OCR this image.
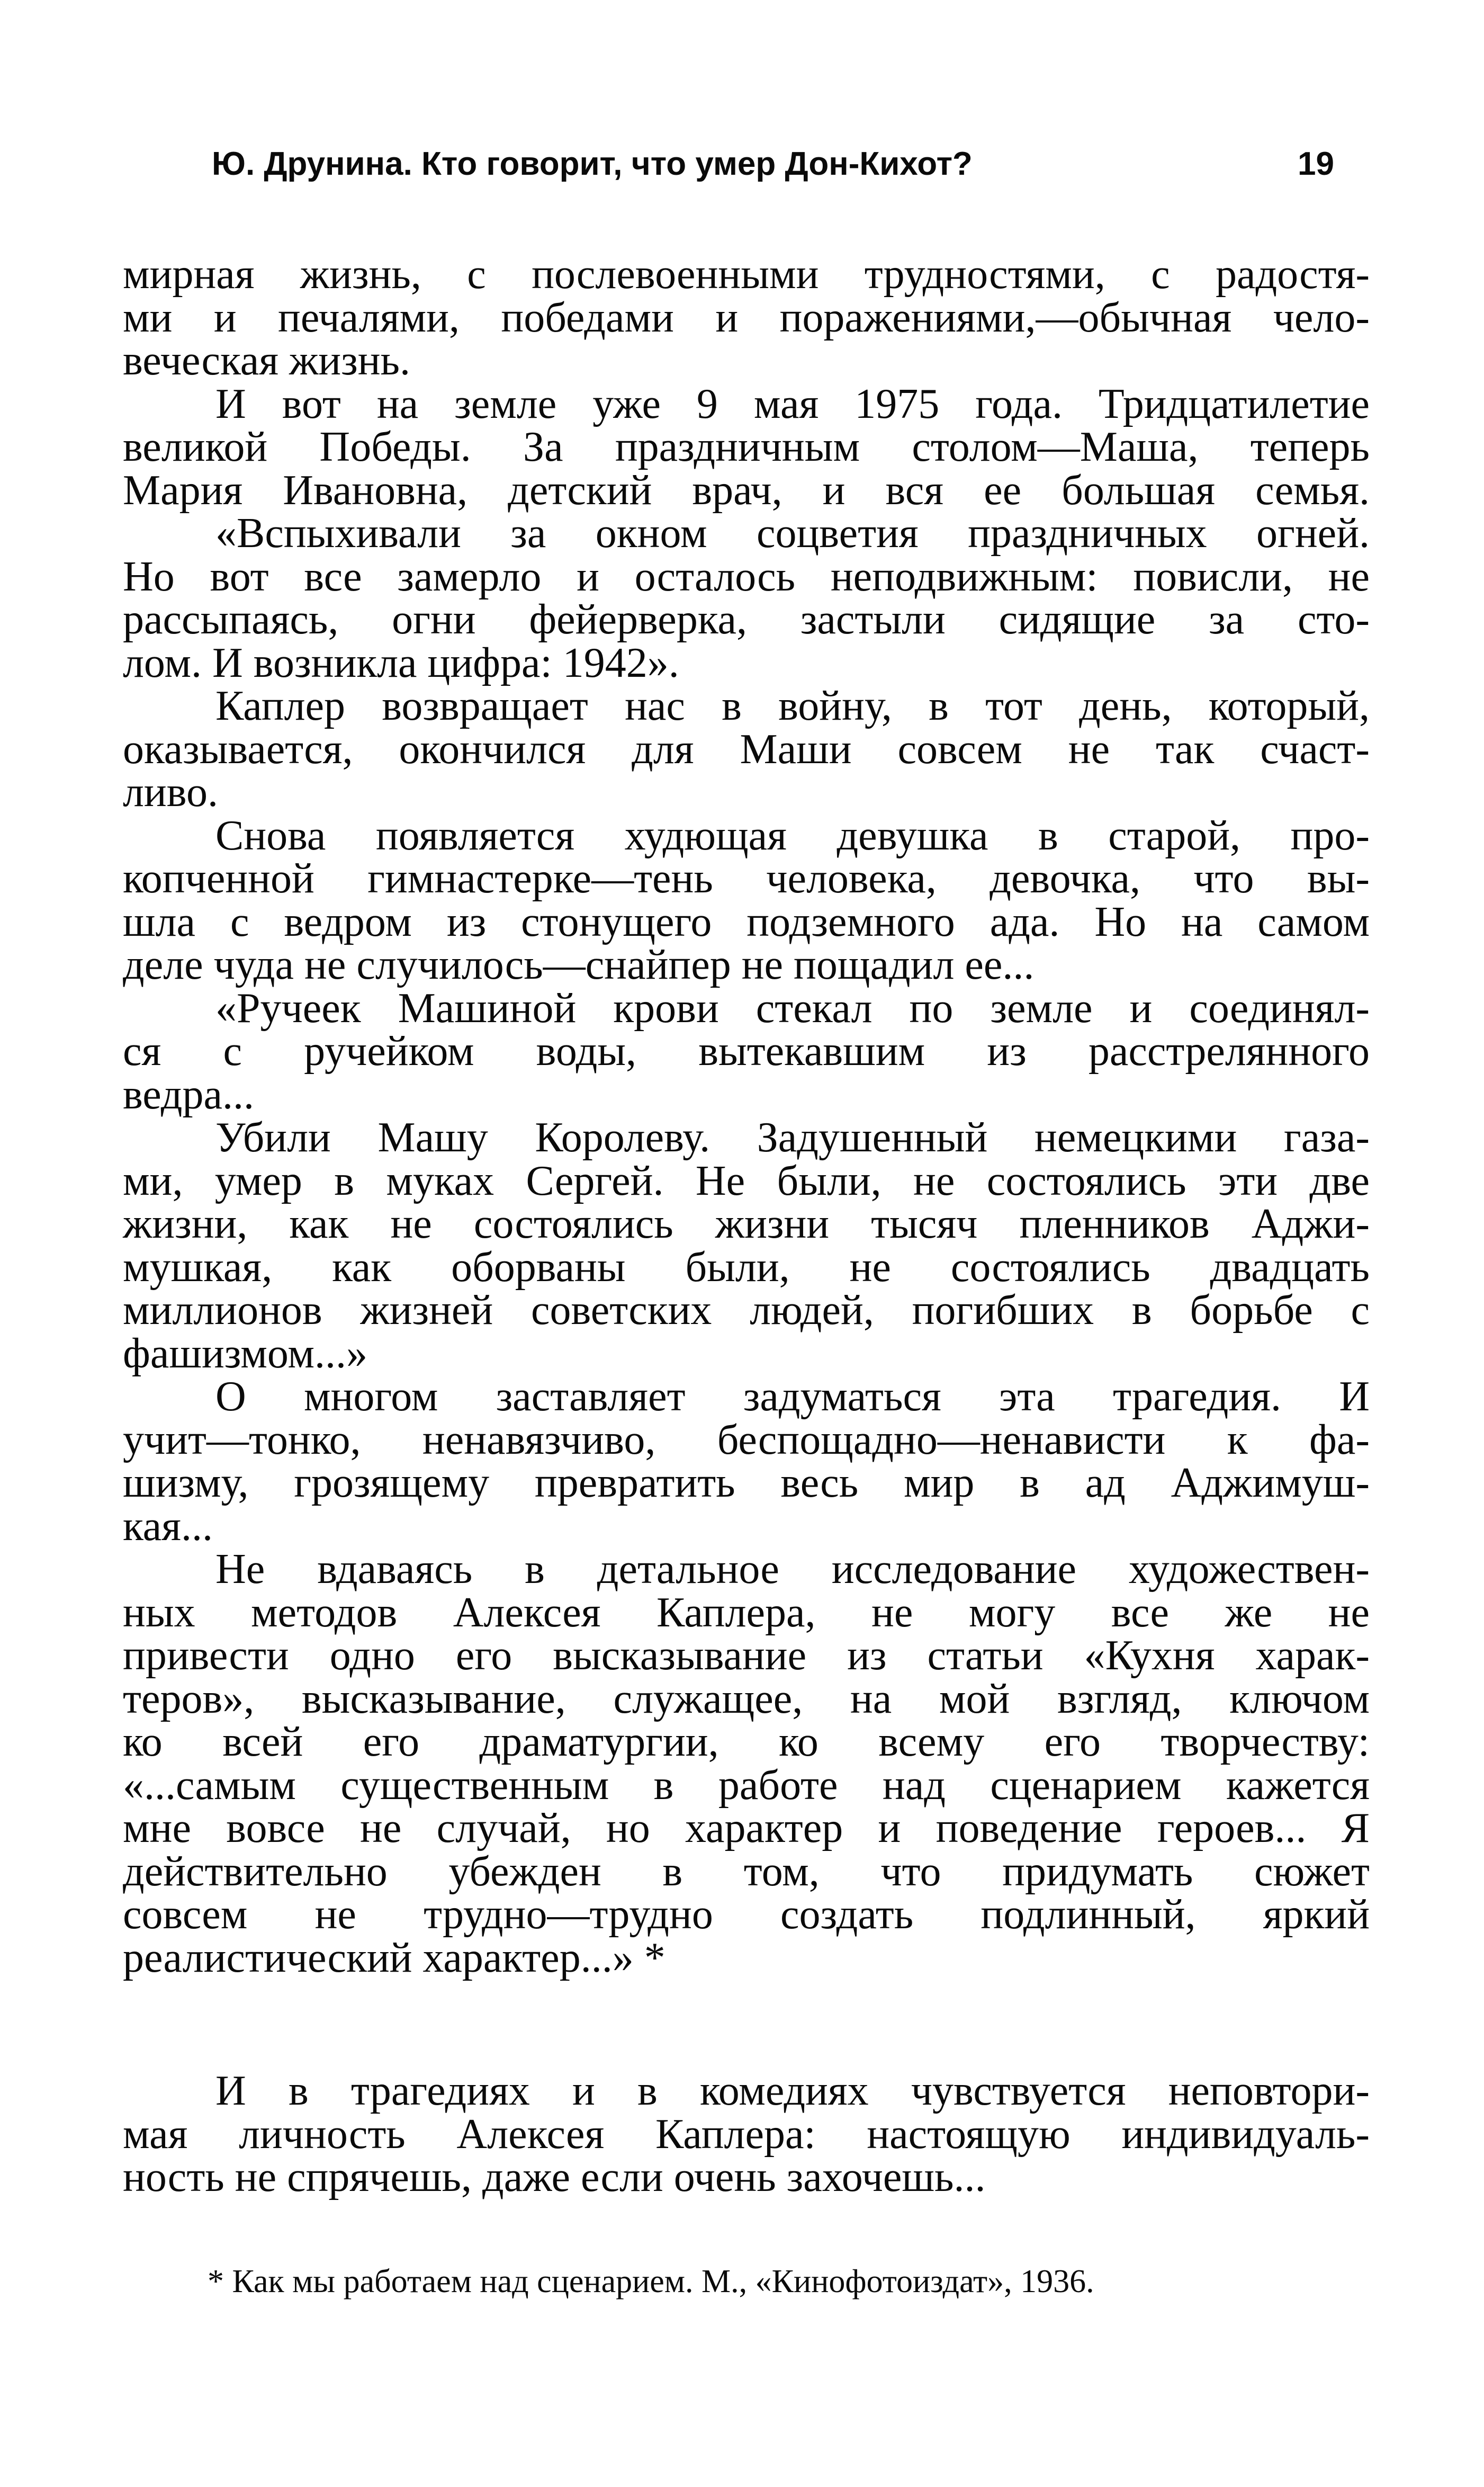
Ю. Друнина. Кто говорит, что умер Дон-Кихот?	19
мирная жизнь, с послевоенными трудностями, с радостя-
ми и печалями, победами и поражениями,—обычная чело-
веческая жизнь.
И вот на земле уже 9 мая 1975 года. Тридцатилетие
великой Победы. За праздничным столом—Маша, теперь
Мария Ивановна, детский врач, и вся ее большая семья.
«Вспыхивали за окном соцветия праздничных огней.
Но вот все замерло и осталось неподвижным: повисли, не
рассыпаясь, огни фейерверка, застыли сидящие за сто-
лом. И возникла цифра: 1942».
Каплер возвращает нас в войну, в тот день, который,
оказывается, окончился для Маши совсем не так счаст-
ливо.
Снова появляется худющая девушка в старой, про-
копченной гимнастерке—тень человека, девочка, что вы-
шла с ведром из стонущего подземного ада. Но на самом
деле чуда не случилось—снайпер не пощадил ее...
«Ручеек Машиной крови стекал по земле и соединял-
ся с ручейком воды, вытекавшим из расстрелянного
ведра...
Убили Машу Королеву. Задушенный немецкими газа-
ми, умер в муках Сергей. Не были, не состоялись эти две
жизни, как не состоялись жизни тысяч пленников Аджи-
мушкая, как оборваны были, не состоялись двадцать
миллионов жизней советских людей, погибших в борьбе с
фашизмом...»
О многом заставляет задуматься эта трагедия. И
учит—тонко, ненавязчиво, беспощадно—ненависти к фа-
шизму, грозящему превратить весь мир в ад Аджимуш-
кая...
Не вдаваясь в детальное исследование художествен-
ных методов Алексея Каплера, не могу все же не
привести одно его высказывание из статьи «Кухня харак-
теров», высказывание, служащее, на мой взгляд, ключом
ко всей его драматургии, ко всему его творчеству:
«...самым существенным в работе над сценарием кажется
мне вовсе не случай, но характер и поведение героев... Я
действительно убежден в том, что придумать сюжет
совсем не трудно—трудно создать подлинный, яркий
реалистический характер...» *
И в трагедиях и в комедиях чувствуется неповтори-
мая личность Алексея Каплера: настоящую индивидуаль-
ность не спрячешь, даже если очень захочешь...
* Как мы работаем над сценарием. М., «Кинофотоиздат», 1936.
